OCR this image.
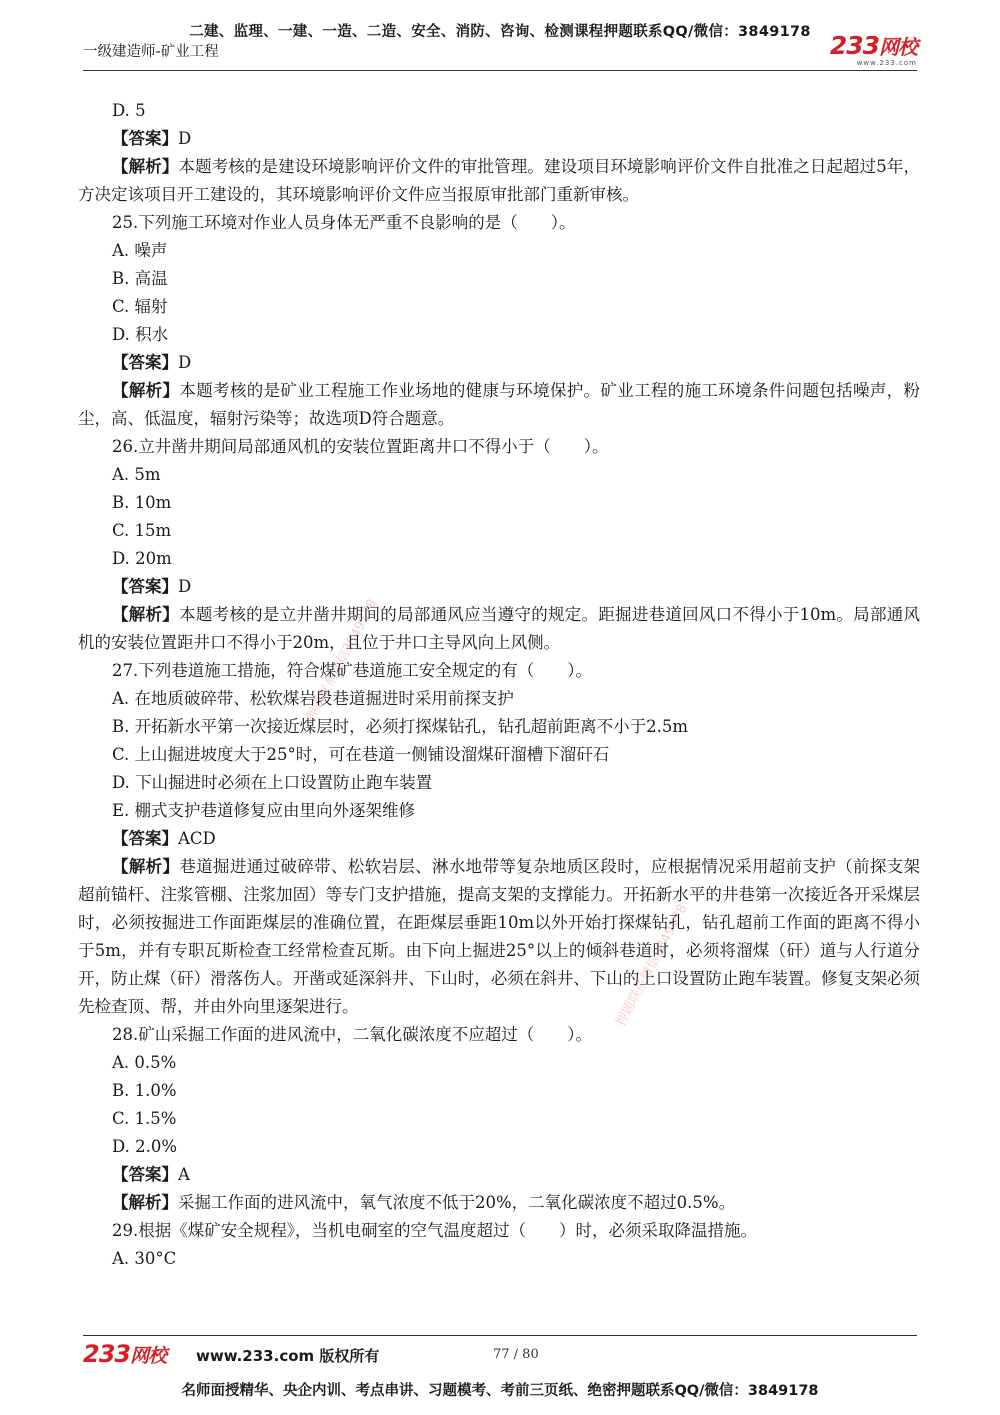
二建、监理、一建、一造、二造、安全、消防、咨询、检测课程押题联系QQ/微信：3849178
一级建造师-矿业工程	233网校
www.233.com
押题联系微信3849178
押题联系微信3849178
D. 5
【答案】D
【解析】本题考核的是建设环境影响评价文件的审批管理。建设项目环境影响评价文件自批准之日起超过5年，方决定该项目开工建设的，其环境影响评价文件应当报原审批部门重新审核。
25.下列施工环境对作业人员身体无严重不良影响的是（　　）。
A. 噪声
B. 高温
C. 辐射
D. 积水
【答案】D
【解析】本题考核的是矿业工程施工作业场地的健康与环境保护。矿业工程的施工环境条件问题包括噪声，粉尘，高、低温度，辐射污染等；故选项D符合题意。
26.立井凿井期间局部通风机的安装位置距离井口不得小于（　　）。
A. 5m
B. 10m
C. 15m
D. 20m
【答案】D
【解析】本题考核的是立井凿井期间的局部通风应当遵守的规定。距掘进巷道回风口不得小于10m。局部通风机的安装位置距井口不得小于20m，且位于井口主导风向上风侧。
27.下列巷道施工措施，符合煤矿巷道施工安全规定的有（　　）。
A. 在地质破碎带、松软煤岩段巷道掘进时采用前探支护
B. 开拓新水平第一次接近煤层时，必须打探煤钻孔，钻孔超前距离不小于2.5m
C. 上山掘进坡度大于25°时，可在巷道一侧铺设溜煤矸溜槽下溜矸石
D. 下山掘进时必须在上口设置防止跑车装置
E. 棚式支护巷道修复应由里向外逐架维修
【答案】ACD
【解析】巷道掘进通过破碎带、松软岩层、淋水地带等复杂地质区段时，应根据情况采用超前支护（前探支架超前锚杆、注浆管棚、注浆加固）等专门支护措施，提高支架的支撑能力。开拓新水平的井巷第一次接近各开采煤层时，必须按掘进工作面距煤层的准确位置，在距煤层垂距10m以外开始打探煤钻孔，钻孔超前工作面的距离不得小于5m，并有专职瓦斯检查工经常检查瓦斯。由下向上掘进25°以上的倾斜巷道时，必须将溜煤（矸）道与人行道分开，防止煤（矸）滑落伤人。开凿或延深斜井、下山时，必须在斜井、下山的上口设置防止跑车装置。修复支架必须先检查顶、帮，并由外向里逐架进行。
28.矿山采掘工作面的进风流中，二氧化碳浓度不应超过（　　）。
A. 0.5%
B. 1.0%
C. 1.5%
D. 2.0%
【答案】A
【解析】采掘工作面的进风流中，氧气浓度不低于20%，二氧化碳浓度不超过0.5%。
29.根据《煤矿安全规程》，当机电硐室的空气温度超过（　　）时，必须采取降温措施。
A. 30°C
233网校 www.233.com 版权所有	77 / 80
名师面授精华、央企内训、考点串讲、习题模考、考前三页纸、绝密押题联系QQ/微信：3849178
